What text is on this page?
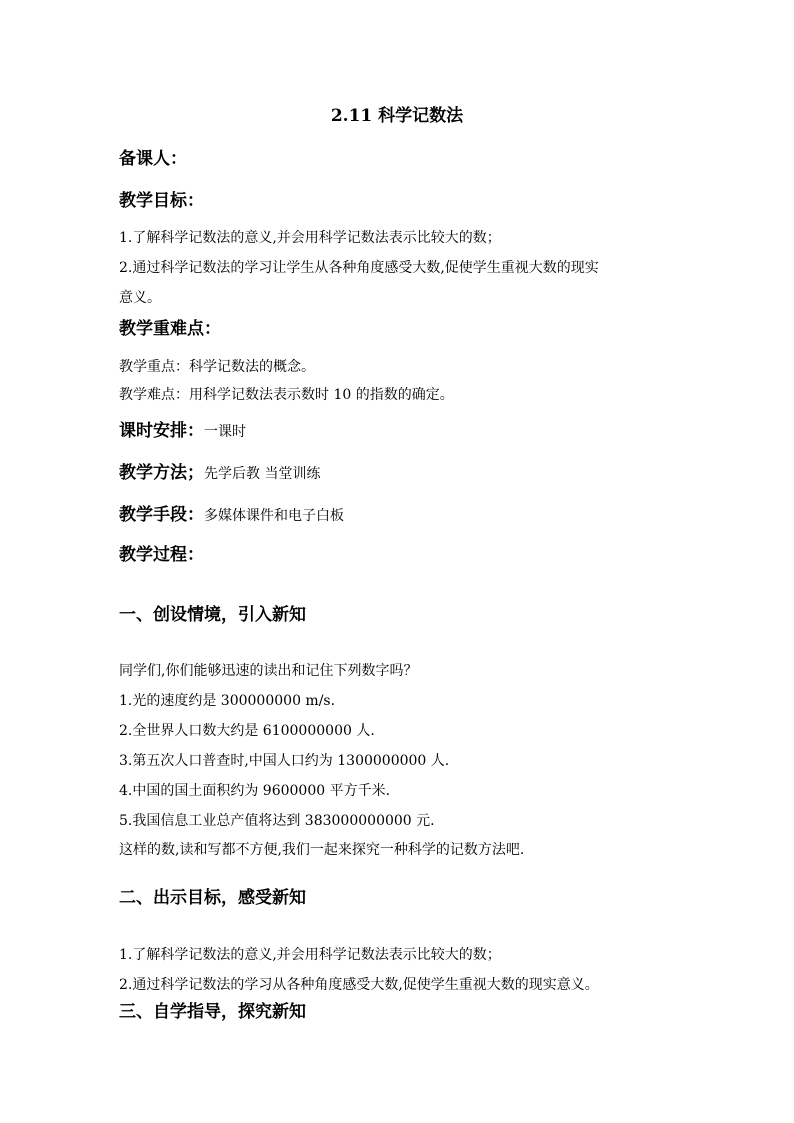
2.11 科学记数法
备课人：
教学目标：
1.了解科学记数法的意义,并会用科学记数法表示比较大的数；
2.通过科学记数法的学习让学生从各种角度感受大数,促使学生重视大数的现实
意义。
教学重难点：
教学重点：科学记数法的概念。
教学难点：用科学记数法表示数时 10 的指数的确定。
课时安排：一课时
教学方法；先学后教 当堂训练
教学手段：多媒体课件和电子白板
教学过程：
一、创设情境，引入新知
同学们,你们能够迅速的读出和记住下列数字吗？
1.光的速度约是 300000000 m/s.
2.全世界人口数大约是 6100000000 人.
3.第五次人口普查时,中国人口约为 1300000000 人.
4.中国的国土面积约为 9600000 平方千米.
5.我国信息工业总产值将达到 383000000000 元.
这样的数,读和写都不方便,我们一起来探究一种科学的记数方法吧.
二、出示目标，感受新知
1.了解科学记数法的意义,并会用科学记数法表示比较大的数；
2.通过科学记数法的学习从各种角度感受大数,促使学生重视大数的现实意义。
三、自学指导，探究新知
